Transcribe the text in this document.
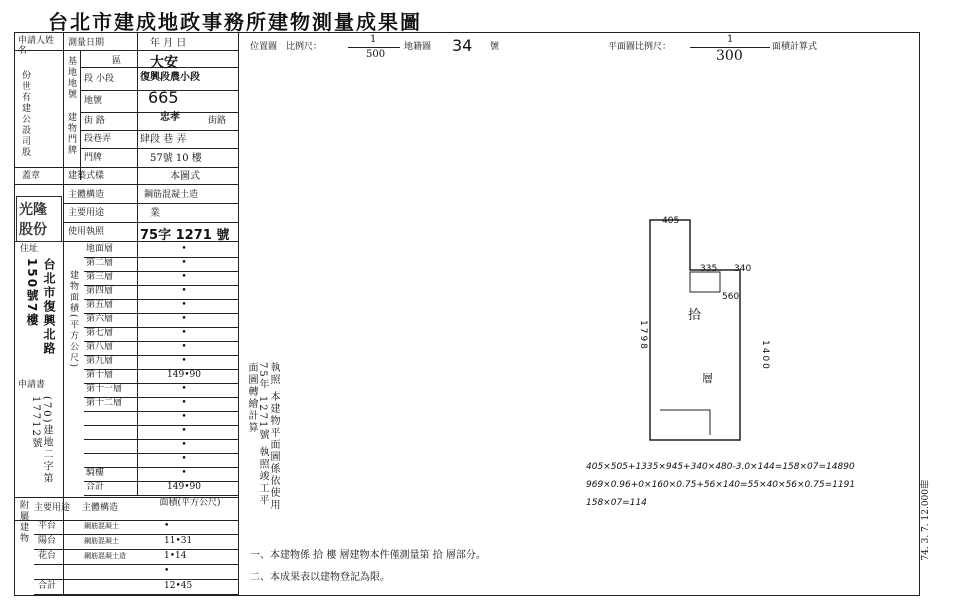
台北市建成地政事務所建物測量成果圖
申請人姓名
測量日期	年 月 日	位置圖 比例尺：
1
500
地籍圖 34 號	平面圖比例尺：
1
300
面積計算式
份世有建公設司股	基地地號	區 大安
段 小段	復興段農小段
地號	665
建物門牌 街 路	忠孝	街路
段巷弄	肆段 巷 弄
門牌	57號 10 樓
蓋章
光隆 股份
建築式樣	本圖式
主體構造	鋼筋混凝土造
主要用途	業
使用執照	75字 1271 號
住址
台北市復興北路150號7樓
申請書
(70)建地二字第17712號
建物面積(平方公尺)
地面層	•
第二層	•
第三層	•
第四層	•
第五層	•
第六層	•
第七層	•
第八層	•
第九層	•
第十層	149•90
第十一層	•
第十二層	•
•
•
•
•
騎樓	•
合計	149•90
附屬建物 主要用途 主體構造	面積(平方公尺)
平台	鋼筋混凝土	•
陽台	鋼筋混凝土	11•31
花台	鋼筋混凝土造	1•14
•
合計	12•45
執照 本建物平面圖係依使用 75年 1271號 執照竣工平面圖轉繪計算
一、本建物係 拾 樓 層建物本件僅測量第 拾 層部分。
二、本成果表以建物登記為限。
405
1798
1400
335 340
560
拾
層
405×505+1335×945+340×480-3.0×144=158×07=14890
969×0.96+0×160×0.75+56×140=55×40×56×0.75=1191
158×07=114	74. 3. 7. 12.000冊
